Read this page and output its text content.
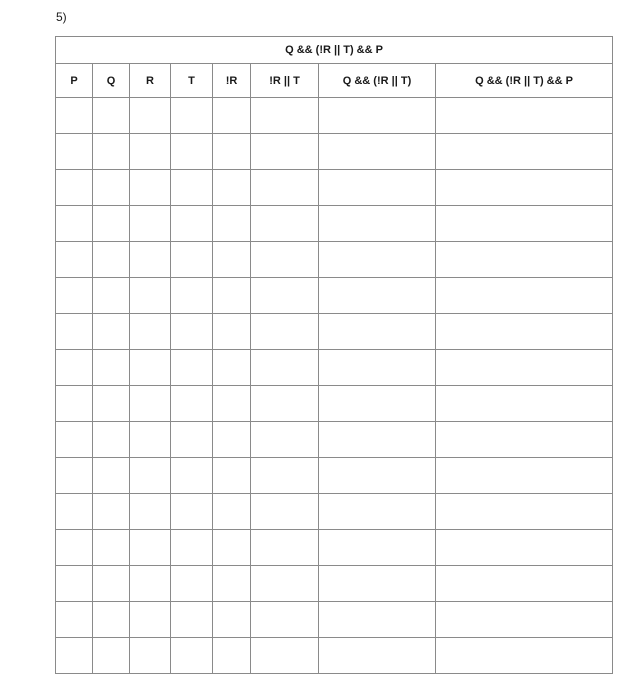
5)
Q && (!R || T) && P							
P	Q	R	T	!R	!R || T	Q && (!R || T)	Q && (!R || T) && P
